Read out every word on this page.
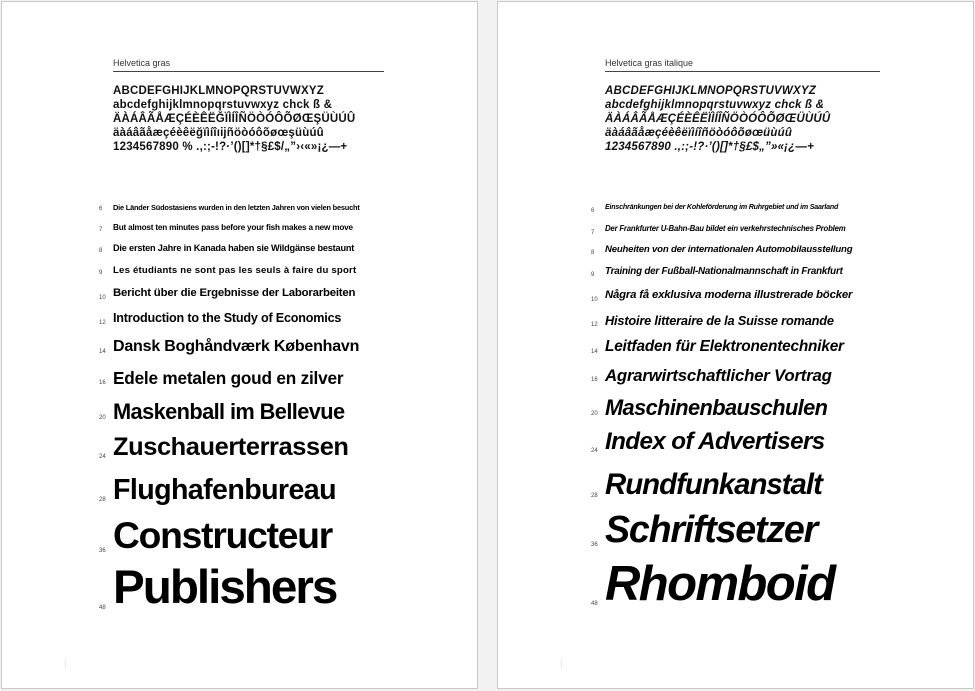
Helvetica gras
ABCDEFGHIJKLMNOPQRSTUVWXYZ
abcdefghijklmnopqrstuvwxyz chck ß &
ÄÀÁÂÃÅÆÇÉÈÊËĞÏÌÍÎÑÖÒÓÔÕØŒŞÜÙÚÛ
äàáâãåæçéèêëğïìíîıĳñöòóôõøœşüùúû
1234567890 % .,:;-!?·’()[]*†§£$/„”›‹«»¡¿—+
6 Die Länder Südostasiens wurden in den letzten Jahren von vielen besucht
7 But almost ten minutes pass before your fish makes a new move
8 Die ersten Jahre in Kanada haben sie Wildgänse bestaunt
9 Les étudiants ne sont pas les seuls à faire du sport
10 Bericht über die Ergebnisse der Laborarbeiten
12 Introduction to the Study of Economics
14 Dansk Boghåndværk København
16 Edele metalen goud en zilver
20 Maskenball im Bellevue
24 Zuschauerterrassen
28 Flughafenbureau
36 Constructeur
48 Publishers
|
Helvetica gras italique
ABCDEFGHIJKLMNOPQRSTUVWXYZ
abcdefghijklmnopqrstuvwxyz chck ß &
ÄÀÁÂÃÅÆÇÉÈÊËÏÌÍÎÑÖÒÓÔÕØŒÜÙÚÛ
äàáâãåæçéèêëïìíîñöòóôõøœüùúû
1234567890 .,:;-!?·’()[]*†§£$„”»«¡¿—+
6 Einschränkungen bei der Kohleförderung im Ruhrgebiet und im Saarland
7 Der Frankfurter U-Bahn-Bau bildet ein verkehrstechnisches Problem
8 Neuheiten von der internationalen Automobilausstellung
9 Training der Fußball-Nationalmannschaft in Frankfurt
10 Några få exklusiva moderna illustrerade böcker
12 Histoire litteraire de la Suisse romande
14 Leitfaden für Elektronentechniker
16 Agrarwirtschaftlicher Vortrag
20 Maschinenbauschulen
24 Index of Advertisers
28 Rundfunkanstalt
36 Schriftsetzer
48 Rhomboid
|
